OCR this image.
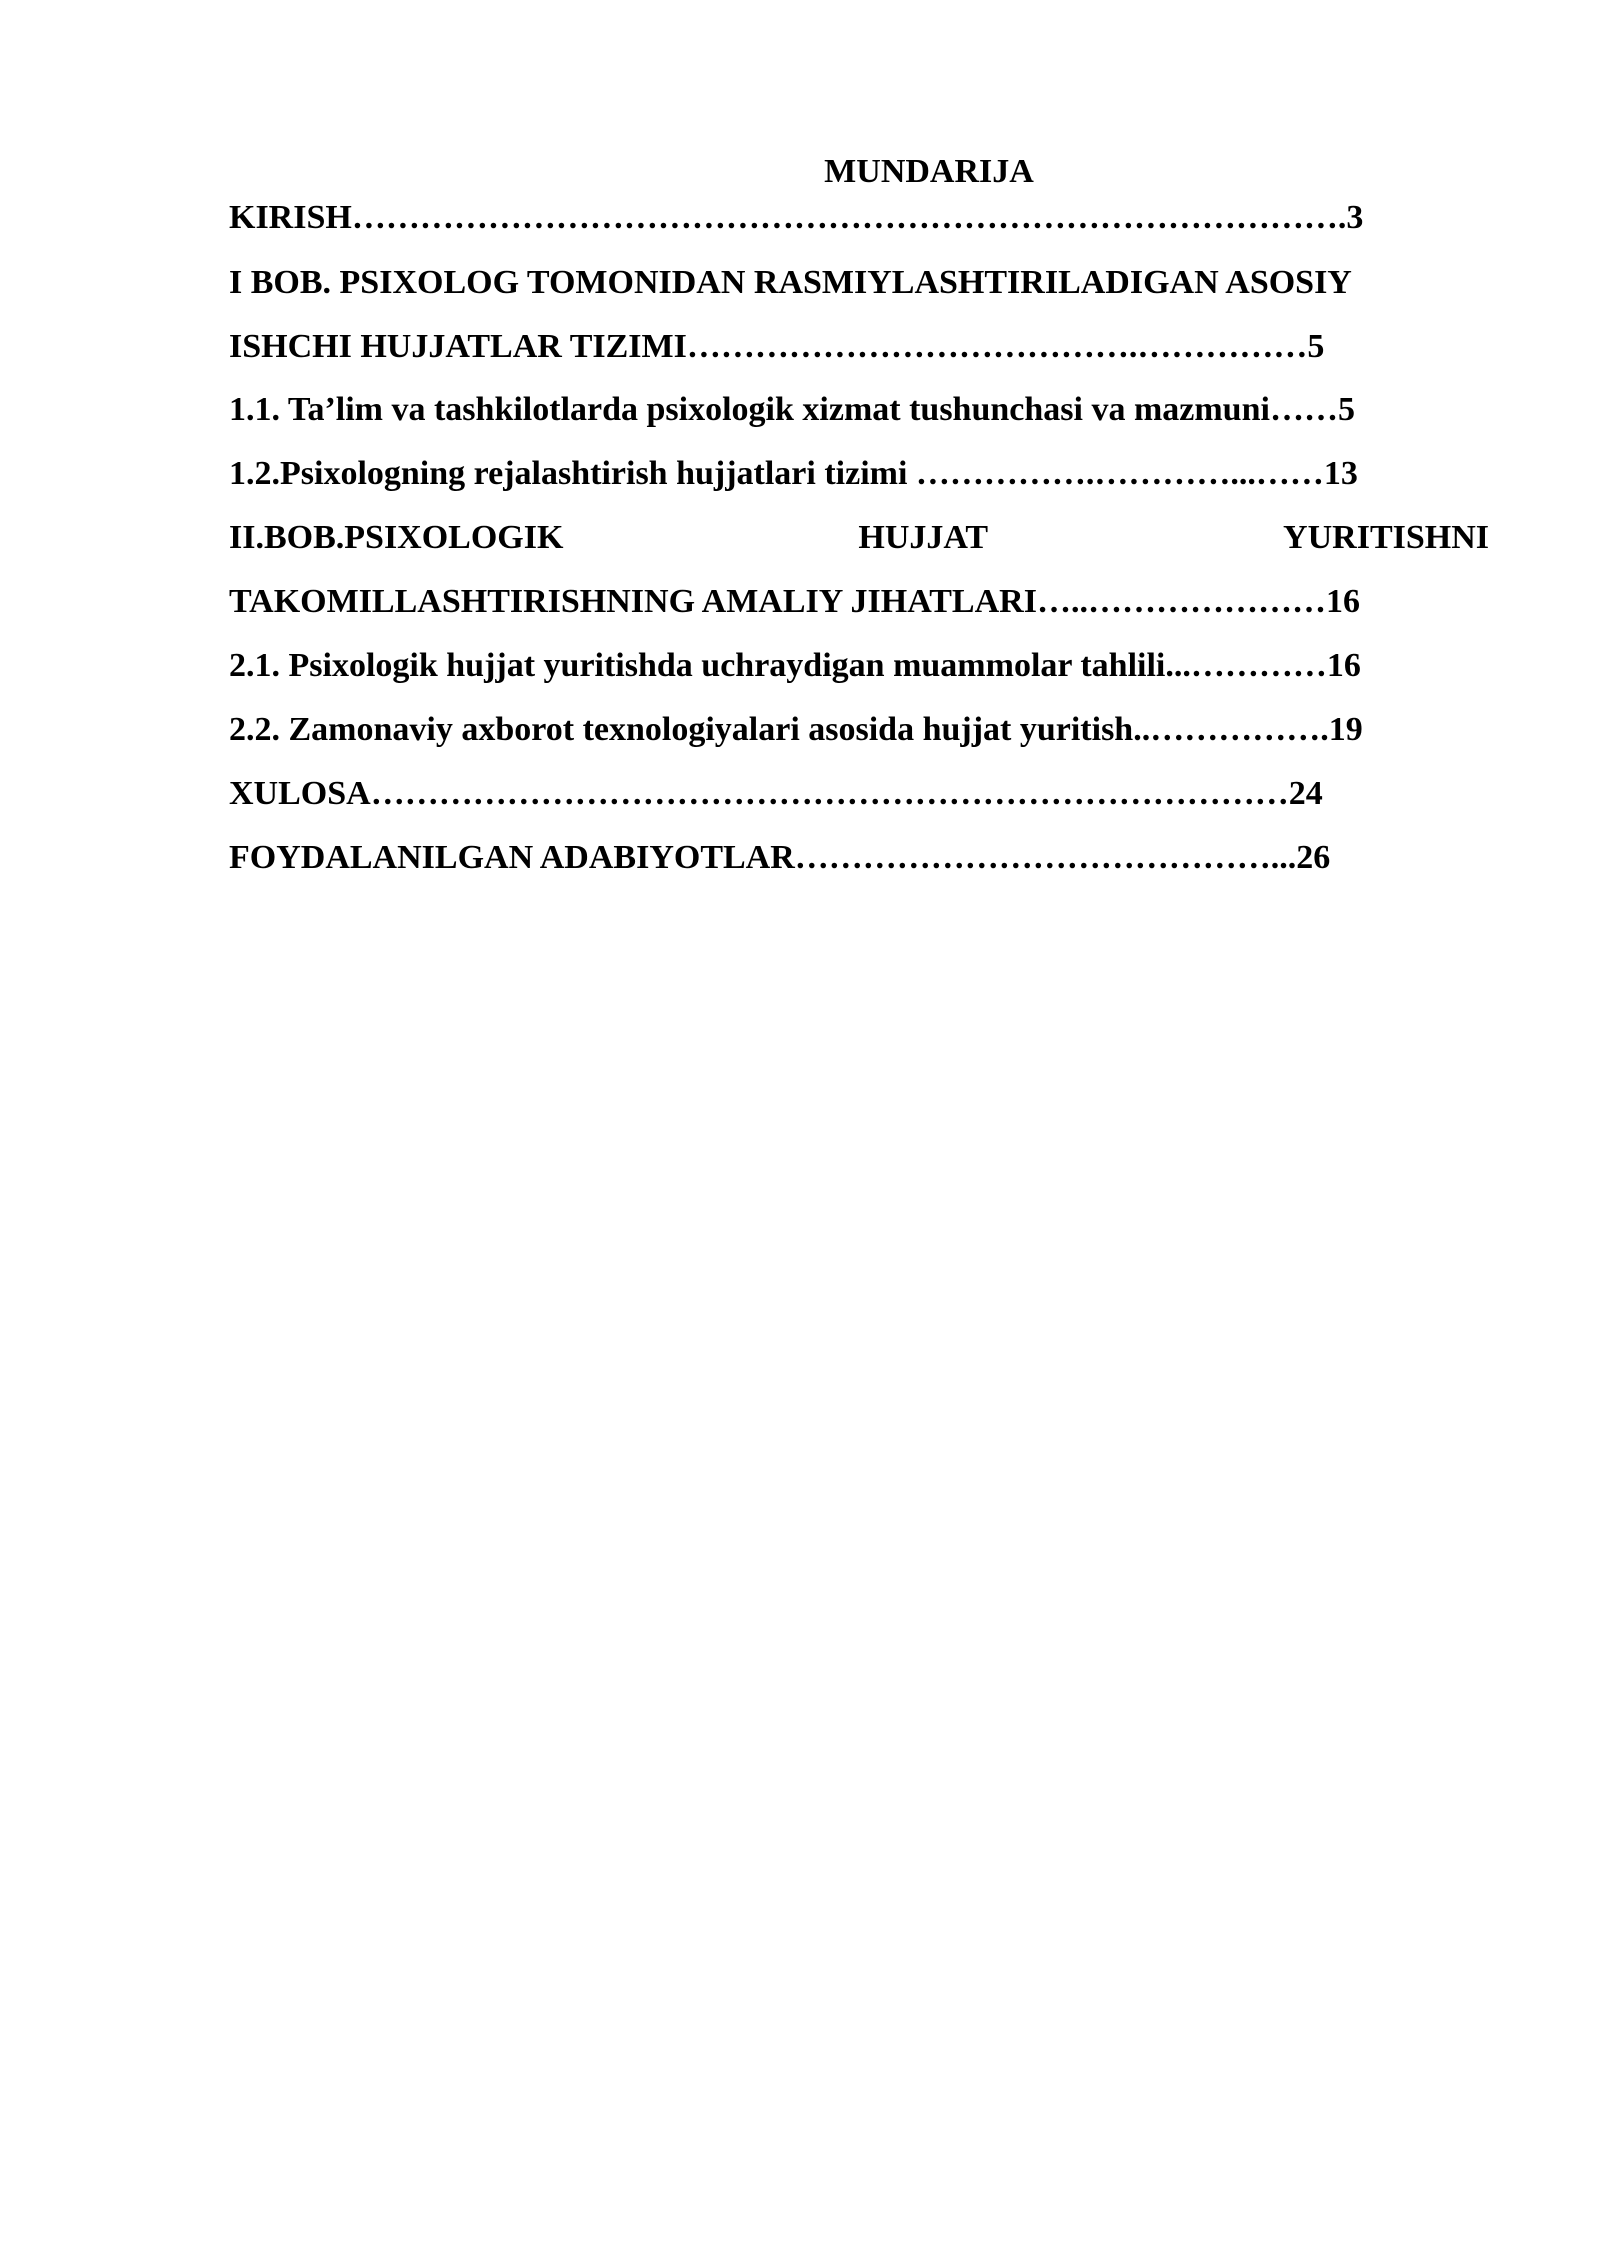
MUNDARIJA
KIRISH…………………………………………………………………………….3
I BOB. PSIXOLOG TOMONIDAN RASMIYLASHTIRILADIGAN ASOSIY
ISHCHI HUJJATLAR TIZIMI………………………………….……………5
1.1. Ta’lim va tashkilotlarda psixologik xizmat tushunchasi va mazmuni……5
1.2.Psixologning rejalashtirish hujjatlari tizimi …………….…………...……13
II.BOB.PSIXOLOGIK	HUJJAT	YURITISHNI
TAKOMILLASHTIRISHNING AMALIY JIHATLARI…..…………………16
2.1. Psixologik hujjat yuritishda uchraydigan muammolar tahlili...…………16
2.2. Zamonaviy axborot texnologiyalari asosida hujjat yuritish..…………….19
XULOSA………………………………………………………………………24
FOYDALANILGAN ADABIYOTLAR……………………………………...26
